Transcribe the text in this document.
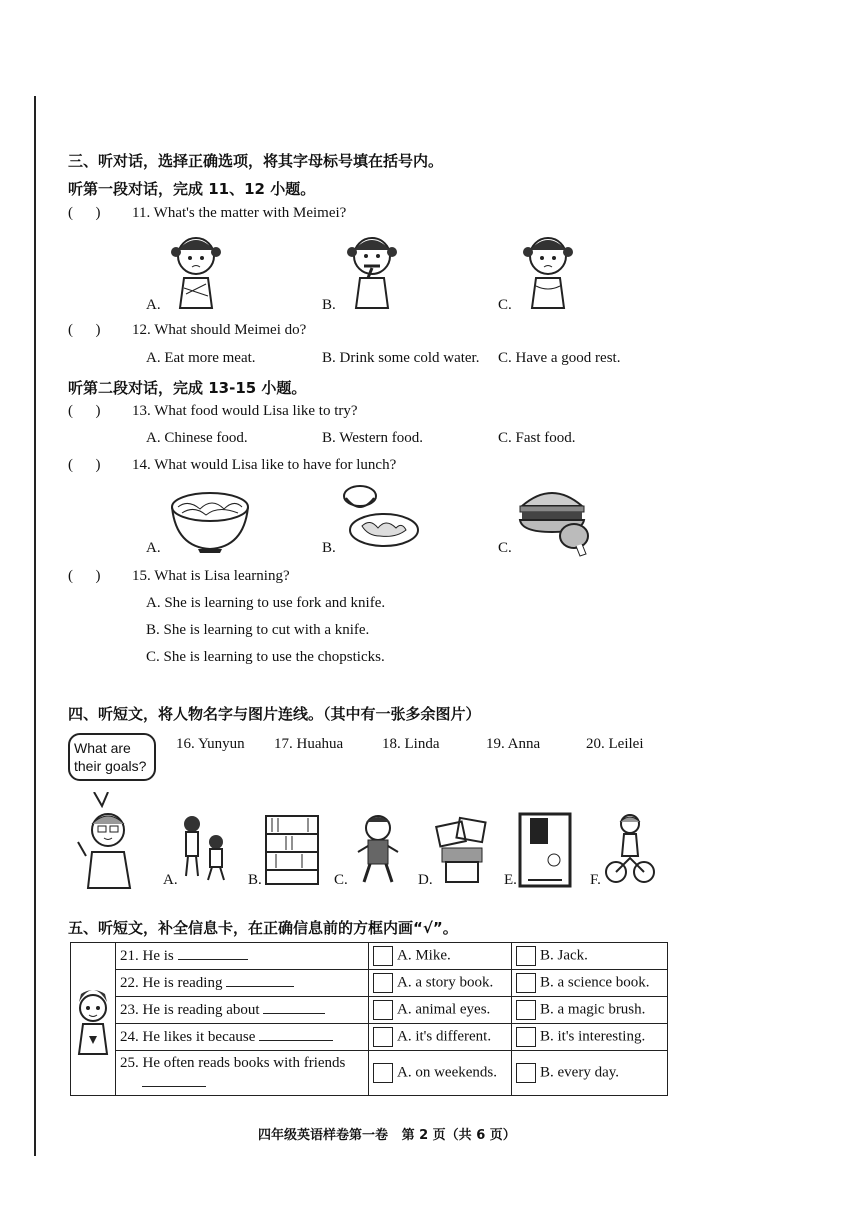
三、听对话，选择正确选项，将其字母标号填在括号内。
听第一段对话，完成 11、12 小题。
(      ) 11. What's the matter with Meimei?
A.	B.	C.
(      ) 12. What should Meimei do?
A. Eat more meat.	B. Drink some cold water. C. Have a good rest.
听第二段对话，完成 13-15 小题。
(      ) 13. What food would Lisa like to try?
A. Chinese food.	B. Western food.	C. Fast food.
(      ) 14. What would Lisa like to have for lunch?
A.	B.	C.
(      ) 15. What is Lisa learning?
A. She is learning to use fork and knife.
B. She is learning to cut with a knife.
C. She is learning to use the chopsticks.
四、听短文，将人物名字与图片连线。（其中有一张多余图片）
What are
their goals?
16. Yunyun 17. Huahua	18. Linda	19. Anna	20. Leilei
A.	B.	C.	D.	E.	F.
五、听短文，补全信息卡，在正确信息前的方框内画“√”。
	21. He is	A. Mike.	B. Jack.
	22. He is reading	A. a story book.	B. a science book.
	23. He is reading about	A. animal eyes.	B. a magic brush.
	24. He likes it because	A. it's different.	B. it's interesting.
	25. He often reads books with friends	A. on weekends.	B. every day.
四年级英语样卷第一卷   第 2 页（共 6 页）
